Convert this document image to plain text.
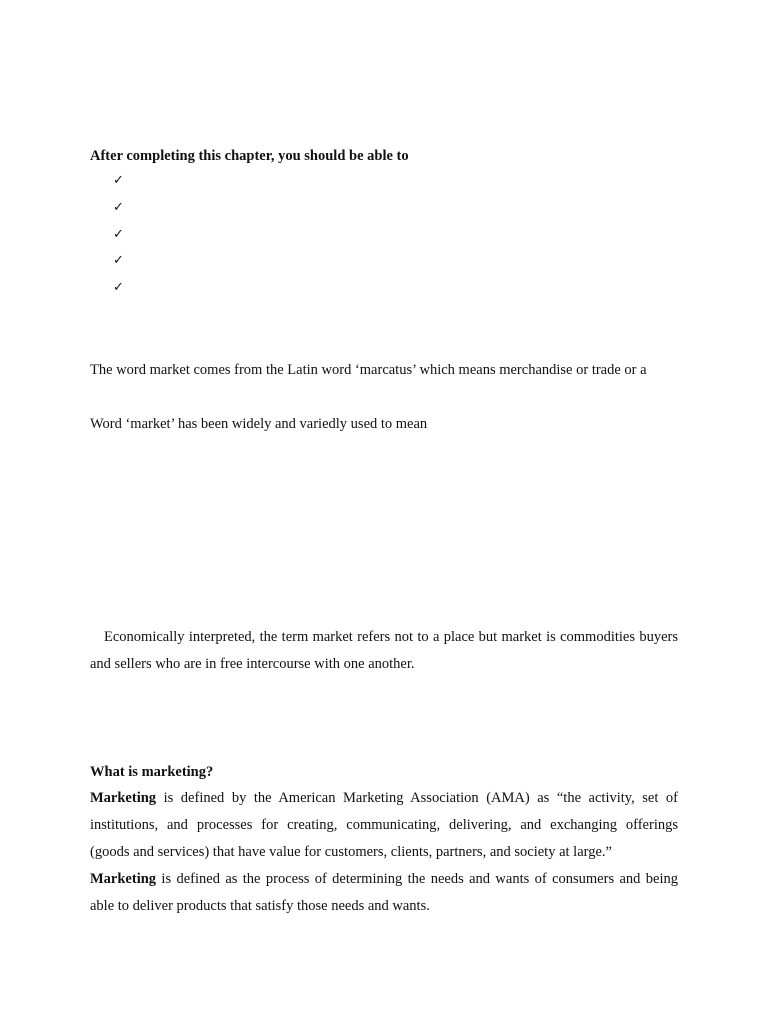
After completing this chapter, you should be able to
✓
✓
✓
✓
✓
The word market comes from the Latin word ‘marcatus’ which means merchandise or trade or a
Word ‘market’ has been widely and variedly used to mean
Economically interpreted, the term market refers not to a place but market is commodities buyers
and sellers who are in free intercourse with one another.
What is marketing?
Marketing is defined by the American Marketing Association (AMA) as “the activity, set of
institutions, and processes for creating, communicating, delivering, and exchanging offerings
(goods and services) that have value for customers, clients, partners, and society at large.”
Marketing is defined as the process of determining the needs and wants of consumers and being
able to deliver products that satisfy those needs and wants.
